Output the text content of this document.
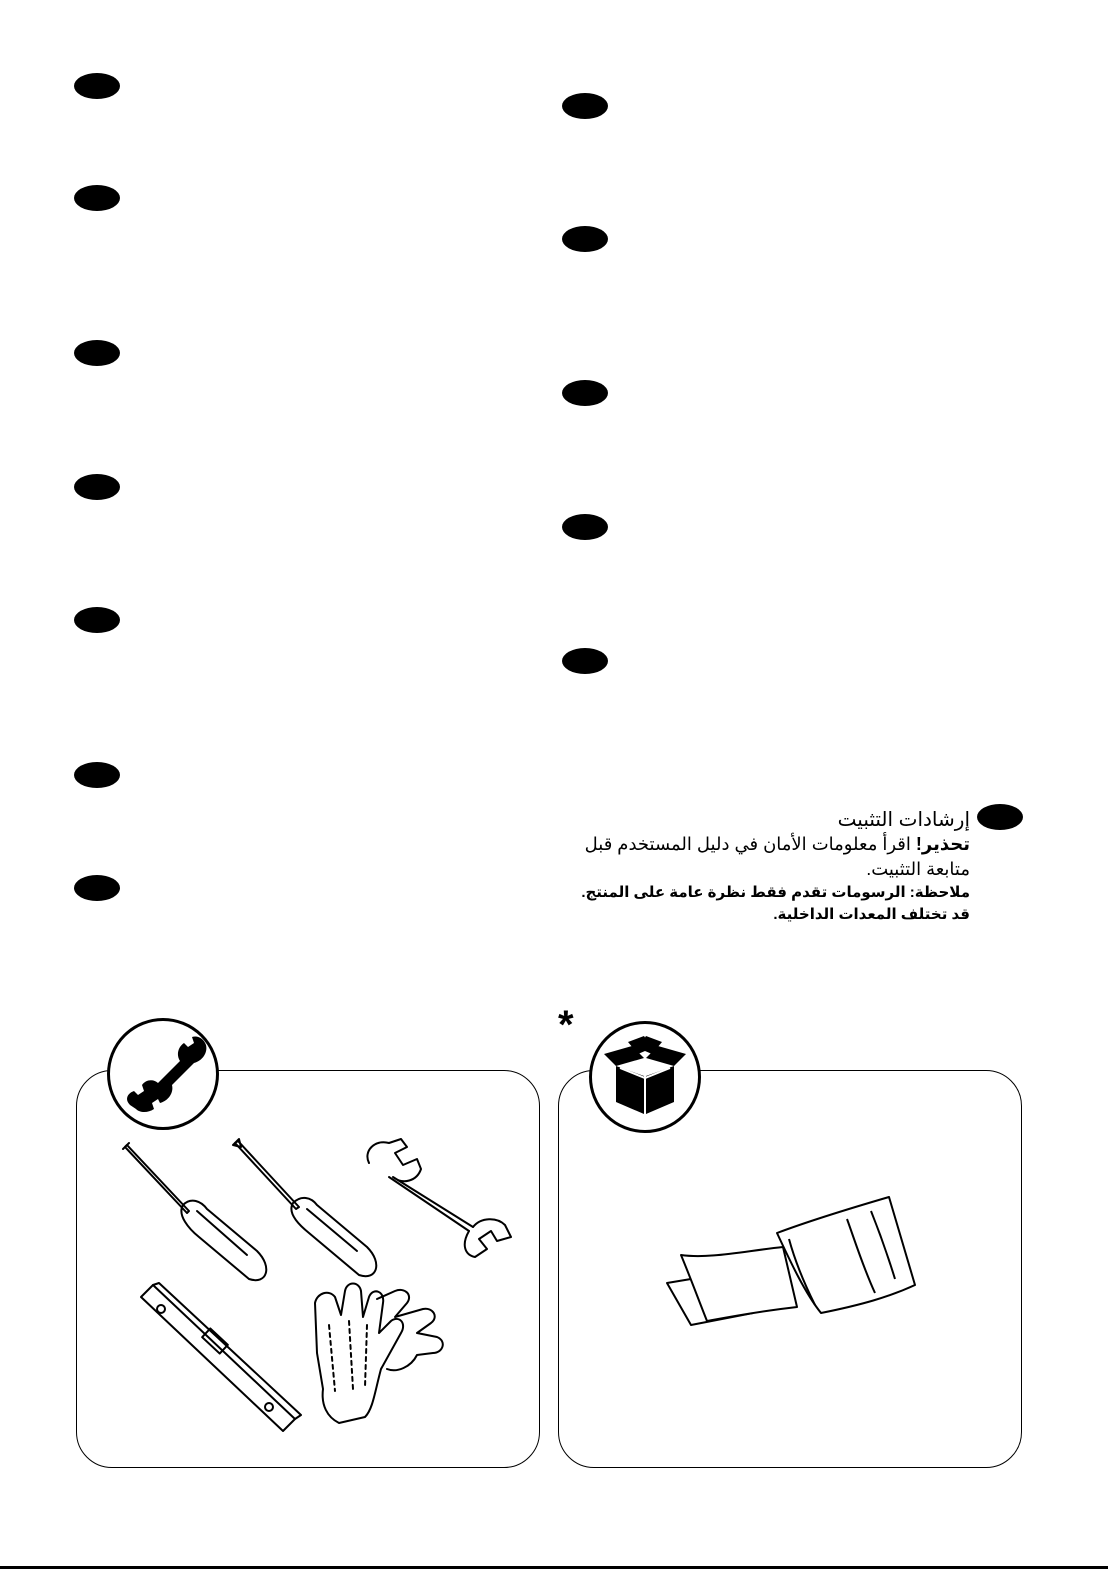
إرشادات التثبيت

تحذير! اقرأ معلومات الأمان في دليل المستخدم قبل متابعة التثبيت.

ملاحظة: الرسومات تقدم فقط نظرة عامة على المنتج.

قد تختلف المعدات الداخلية.

*
